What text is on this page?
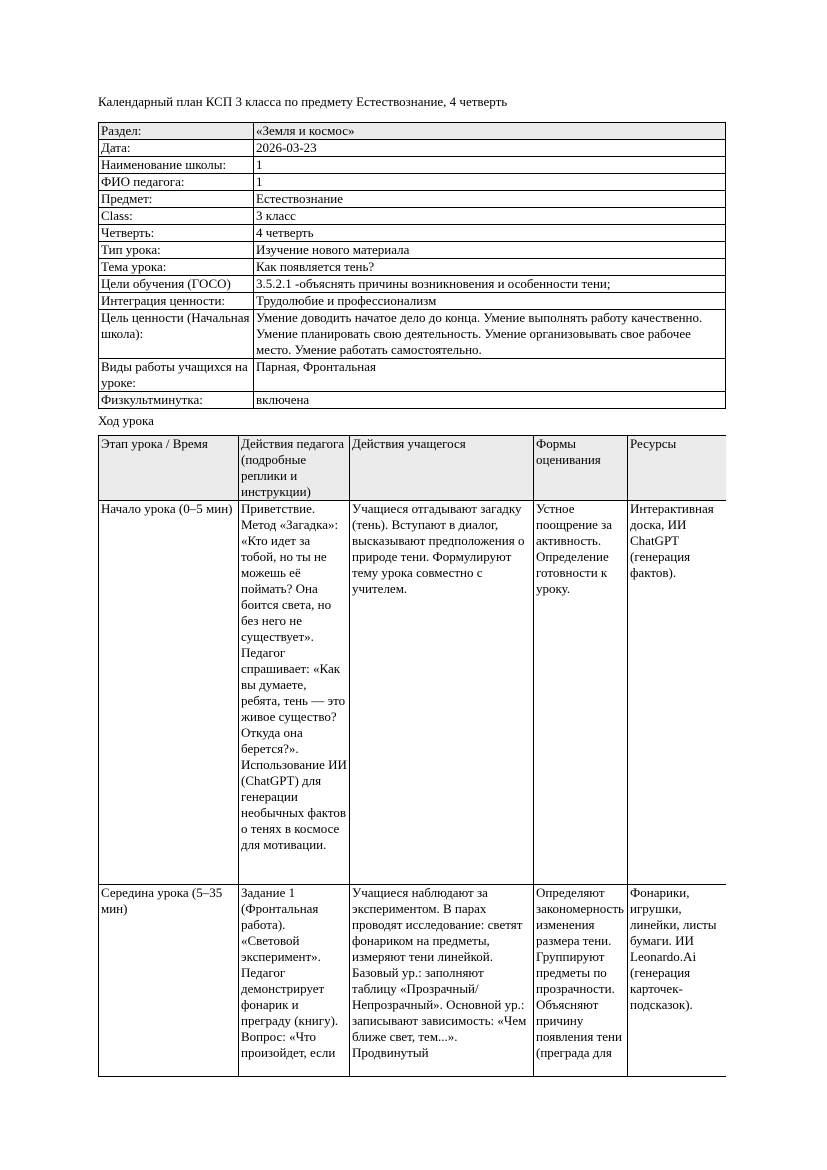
Календарный план КСП 3 класса по предмету Естествознание, 4 четверть

Раздел:	«Земля и космос»
Дата:	2026-03-23
Наименование школы:	1
ФИО педагога:	1
Предмет:	Естествознание
Class:	3 класс
Четверть:	4 четверть
Тип урока:	Изучение нового материала
Тема урока:	Как появляется тень?
Цели обучения (ГОСО)	3.5.2.1 -объяснять причины возникновения и особенности тени;
Интеграция ценности:	Трудолюбие и профессионализм
Цель ценности (Начальная школа):	Умение доводить начатое дело до конца. Умение выполнять работу качественно. Умение планировать свою деятельность. Умение организовывать свое рабочее место. Умение работать самостоятельно.
Виды работы учащихся на уроке:	Парная, Фронтальная
Физкультминутка:	включена

Ход урока

Этап урока / Время	Действия педагога (подробные реплики и инструкции)	Действия учащегося	Формы оценивания	Ресурсы
Начало урока (0–5 мин)	Приветствие. Метод «Загадка»: «Кто идет за тобой, но ты не можешь её поймать? Она боится света, но без него не существует». Педагог спрашивает: «Как вы думаете, ребята, тень — это живое существо? Откуда она берется?». Использование ИИ (ChatGPT) для генерации необычных фактов о тенях в космосе для мотивации.	Учащиеся отгадывают загадку (тень). Вступают в диалог, высказывают предположения о природе тени. Формулируют тему урока совместно с учителем.	Устное поощрение за активность. Определение готовности к уроку.	Интерактивная доска, ИИ ChatGPT (генерация фактов).
Середина урока (5–35 мин)	Задание 1 (Фронтальная работа). «Световой эксперимент». Педагог демонстрирует фонарик и преграду (книгу). Вопрос: «Что произойдет, если	Учащиеся наблюдают за экспериментом. В парах проводят исследование: светят фонариком на предметы, измеряют тени линейкой. Базовый ур.: заполняют таблицу «Прозрачный/Непрозрачный». Основной ур.: записывают зависимость: «Чем ближе свет, тем...». Продвинутый	Определяют закономерность изменения размера тени. Группируют предметы по прозрачности. Объясняют причину появления тени (преграда для	Фонарики, игрушки, линейки, листы бумаги. ИИ Leonardo.Ai (генерация карточек-подсказок).
